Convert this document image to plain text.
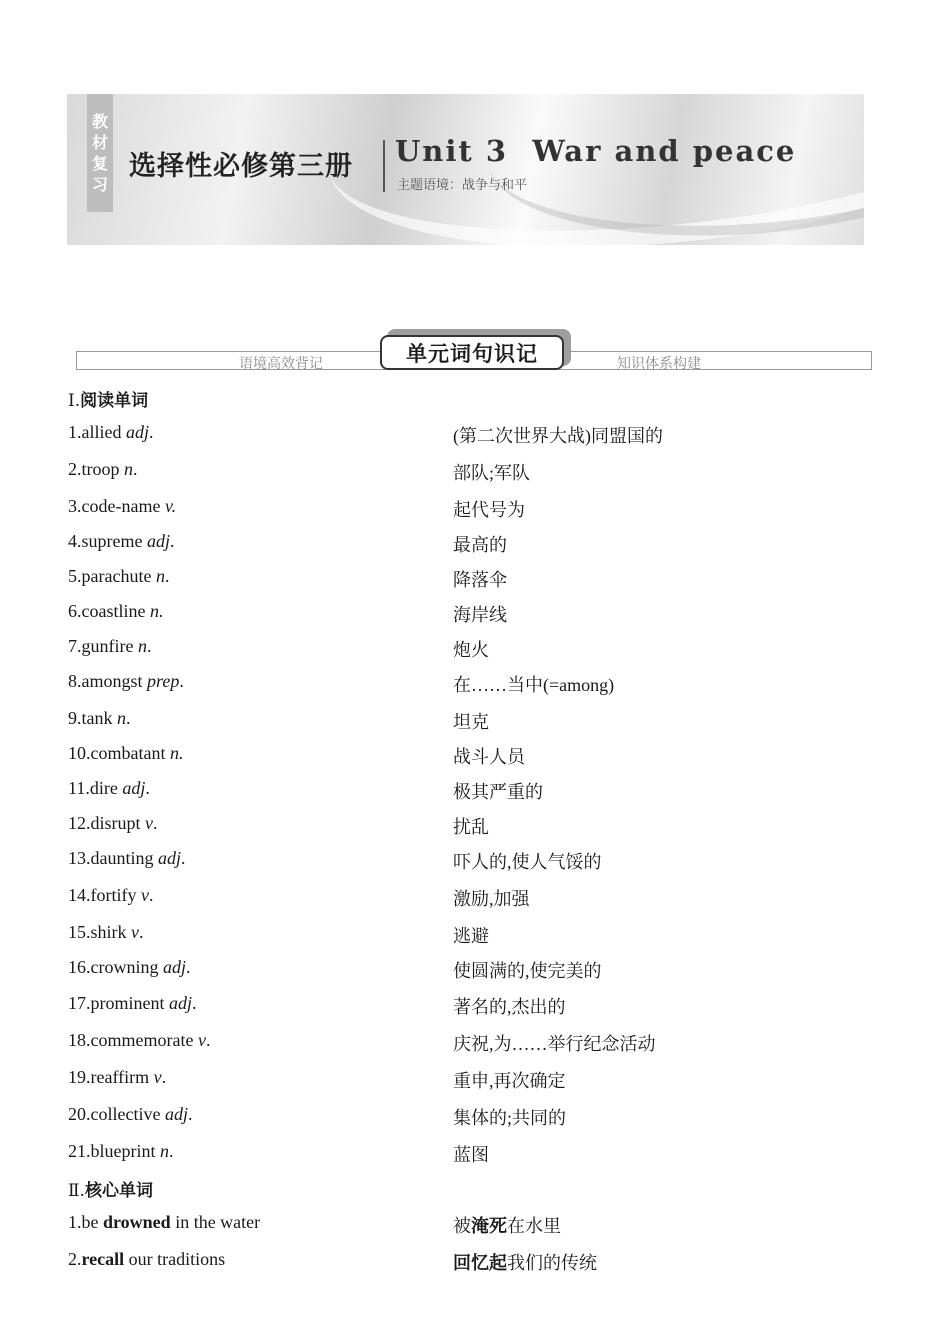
教
材
复
习
选择性必修第三册 Unit 3  War and peace
主题语境：战争与和平
语境高效背记	知识体系构建
单元词句识记
Ⅰ.阅读单词
1.allied adj.	(第二次世界大战)同盟国的
2.troop n.	部队;军队
3.code-name v.	起代号为
4.supreme adj.	最高的
5.parachute n.	降落伞
6.coastline n.	海岸线
7.gunfire n.	炮火
8.amongst prep.	在……当中(=among)
9.tank n.	坦克
10.combatant n.	战斗人员
11.dire adj.	极其严重的
12.disrupt v.	扰乱
13.daunting adj.	吓人的,使人气馁的
14.fortify v.	激励,加强
15.shirk v.	逃避
16.crowning adj.	使圆满的,使完美的
17.prominent adj.	著名的,杰出的
18.commemorate v.	庆祝,为……举行纪念活动
19.reaffirm v.	重申,再次确定
20.collective adj.	集体的;共同的
21.blueprint n.	蓝图
Ⅱ.核心单词
1.be drowned in the water	被淹死在水里
2.recall our traditions	回忆起我们的传统
